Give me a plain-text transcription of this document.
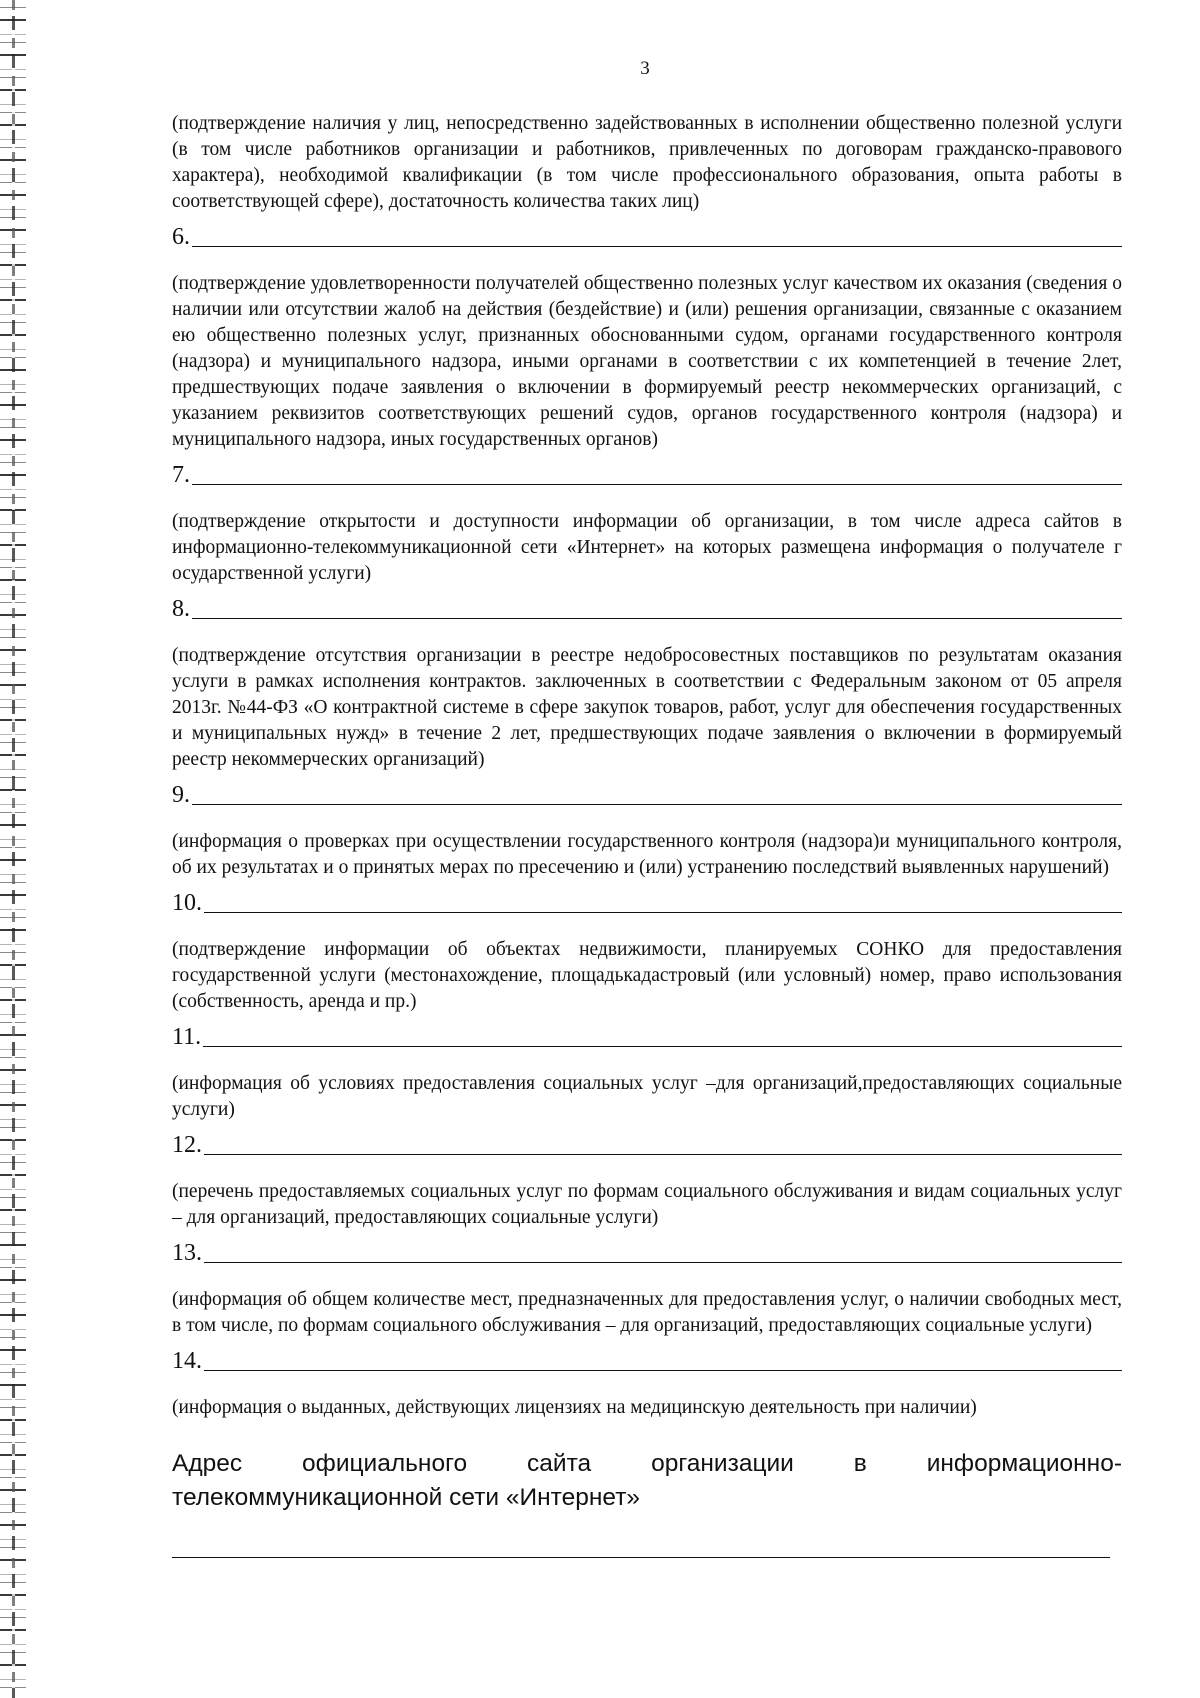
3
(подтверждение наличия у лиц, непосредственно задействованных в исполнении общественно полезной услуги (в том числе работников организации и работников, привлеченных по договорам гражданско-правового характера), необходимой квалификации (в том числе профессионального образования, опыта работы в соответствующей сфере), достаточность количества таких лиц)
6.
(подтверждение удовлетворенности получателей общественно полезных услуг качеством их оказания (сведения о наличии или отсутствии жалоб на действия (бездействие) и (или) решения организации, связанные с оказанием ею общественно полезных услуг, признанных обоснованными судом, органами государственного контроля (надзора) и муниципального надзора, иными органами в соответствии с их компетенцией в течение 2лет, предшествующих подаче заявления о включении в формируемый реестр некоммерческих организаций, с указанием реквизитов соответствующих решений судов, органов государственного контроля (надзора) и муниципального надзора, иных государственных органов)
7.
(подтверждение открытости и доступности информации об организации, в том числе адреса сайтов в информационно-телекоммуникационной сети «Интернет» на которых размещена информация о получателе г осударственной услуги)
8.
(подтверждение отсутствия организации в реестре недобросовестных поставщиков по результатам оказания услуги в рамках исполнения контрактов. заключенных в соответствии с Федеральным законом от 05 апреля 2013г. №44-ФЗ «О контрактной системе в сфере закупок товаров, работ, услуг для обеспечения государственных и муниципальных нужд» в течение 2 лет, предшествующих подаче заявления о включении в формируемый реестр некоммерческих организаций)
9.
(информация о проверках при осуществлении государственного контроля (надзора)и муниципального контроля, об их результатах и о принятых мерах по пресечению и (или) устранению последствий выявленных нарушений)
10.
(подтверждение информации об объектах недвижимости, планируемых СОНКО для предоставления государственной услуги (местонахождение, площадькадастровый (или условный) номер, право использования (собственность, аренда и пр.)
11.
(информация об условиях предоставления социальных услуг –для организаций,предоставляющих социальные услуги)
12.
(перечень предоставляемых социальных услуг по формам социального обслуживания и видам социальных услуг – для организаций, предоставляющих социальные услуги)
13.
(информация об общем количестве мест, предназначенных для предоставления услуг, о наличии свободных мест, в том числе, по формам социального обслуживания – для организаций, предоставляющих социальные услуги)
14.
(информация о выданных, действующих лицензиях на медицинскую деятельность при наличии)
Адрес официального сайта организации в информационно-телекоммуникационной сети «Интернет»
